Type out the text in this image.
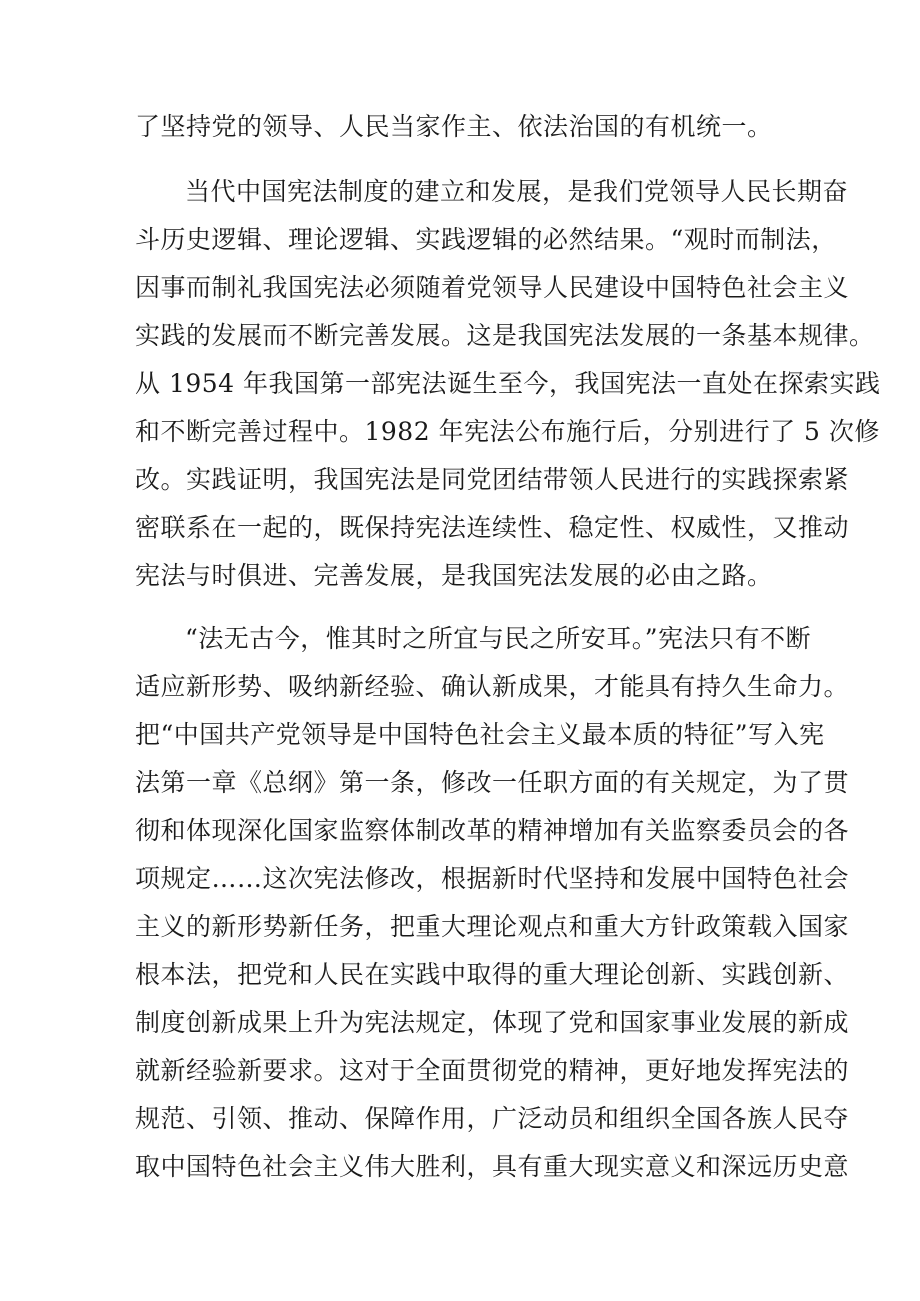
了坚持党的领导、人民当家作主、依法治国的有机统一。
当代中国宪法制度的建立和发展，是我们党领导人民长期奋
斗历史逻辑、理论逻辑、实践逻辑的必然结果。“观时而制法，
因事而制礼我国宪法必须随着党领导人民建设中国特色社会主义
实践的发展而不断完善发展。这是我国宪法发展的一条基本规律。
从 1954 年我国第一部宪法诞生至今，我国宪法一直处在探索实践
和不断完善过程中。1982 年宪法公布施行后，分别进行了 5 次修
改。实践证明，我国宪法是同党团结带领人民进行的实践探索紧
密联系在一起的，既保持宪法连续性、稳定性、权威性，又推动
宪法与时俱进、完善发展，是我国宪法发展的必由之路。
“法无古今，惟其时之所宜与民之所安耳。”宪法只有不断
适应新形势、吸纳新经验、确认新成果，才能具有持久生命力。
把“中国共产党领导是中国特色社会主义最本质的特征”写入宪
法第一章《总纲》第一条，修改一任职方面的有关规定，为了贯
彻和体现深化国家监察体制改革的精神增加有关监察委员会的各
项规定……这次宪法修改，根据新时代坚持和发展中国特色社会
主义的新形势新任务，把重大理论观点和重大方针政策载入国家
根本法，把党和人民在实践中取得的重大理论创新、实践创新、
制度创新成果上升为宪法规定，体现了党和国家事业发展的新成
就新经验新要求。这对于全面贯彻党的精神，更好地发挥宪法的
规范、引领、推动、保障作用，广泛动员和组织全国各族人民夺
取中国特色社会主义伟大胜利，具有重大现实意义和深远历史意
